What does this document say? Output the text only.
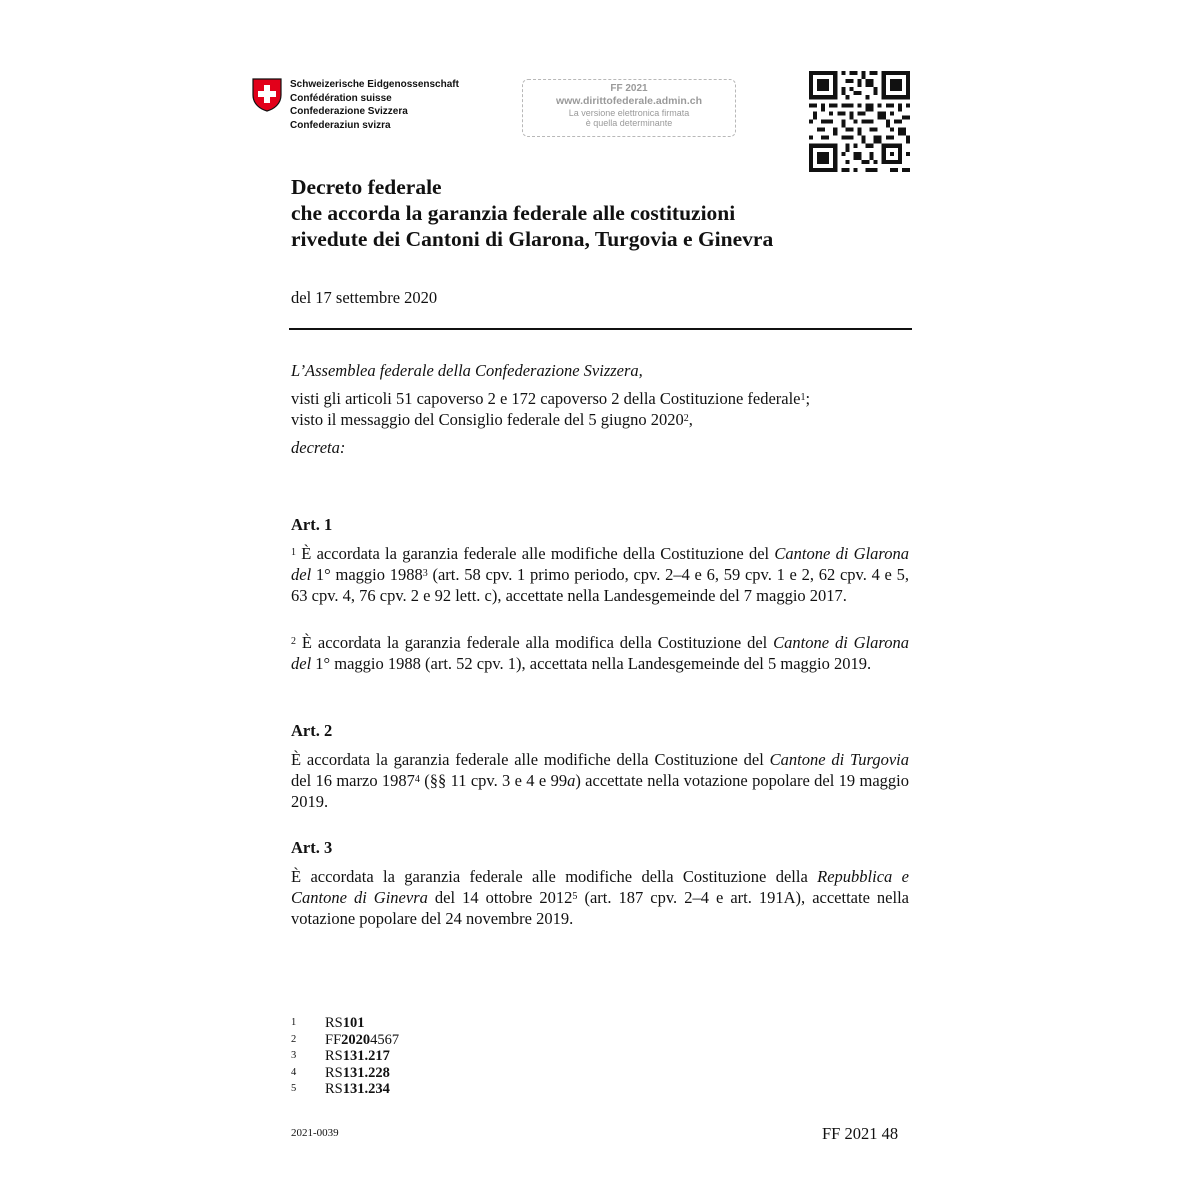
Schweizerische Eidgenossenschaft
Confédération suisse
Confederazione Svizzera
Confederaziun svizra
FF 2021
www.dirittofederale.admin.ch
La versione elettronica firmata
è quella determinante
Decreto federale
che accorda la garanzia federale alle costituzioni
rivedute dei Cantoni di Glarona, Turgovia e Ginevra
del 17 settembre 2020
L’Assemblea federale della Confederazione Svizzera,
visti gli articoli 51 capoverso 2 e 172 capoverso 2 della Costituzione federale$^1$;
visto il messaggio del Consiglio federale del 5 giugno 2020$^2$,
decreta:
Art. 1
$^1$ È accordata la garanzia federale alle modifiche della Costituzione del Cantone di Glarona del 1° maggio 1988$^3$ (art. 58 cpv. 1 primo periodo, cpv. 2–4 e 6, 59 cpv. 1 e 2, 62 cpv. 4 e 5, 63 cpv. 4, 76 cpv. 2 e 92 lett. c), accettate nella Landesgemeinde del 7 maggio 2017.
$^2$ È accordata la garanzia federale alla modifica della Costituzione del Cantone di Glarona del 1° maggio 1988 (art. 52 cpv. 1), accettata nella Landesgemeinde del 5 maggio 2019.
Art. 2
È accordata la garanzia federale alle modifiche della Costituzione del Cantone di Turgovia del 16 marzo 1987$^4$ (§§ 11 cpv. 3 e 4 e 99a) accettate nella votazione popolare del 19 maggio 2019.
Art. 3
È accordata la garanzia federale alle modifiche della Costituzione della Repubblica e Cantone di Ginevra del 14 ottobre 2012$^5$ (art. 187 cpv. 2–4 e art. 191A), accettate nella votazione popolare del 24 novembre 2019.
1	RS 101
2	FF 2020 4567
3	RS 131.217
4	RS 131.228
5	RS 131.234
2021-0039	FF 2021 48
